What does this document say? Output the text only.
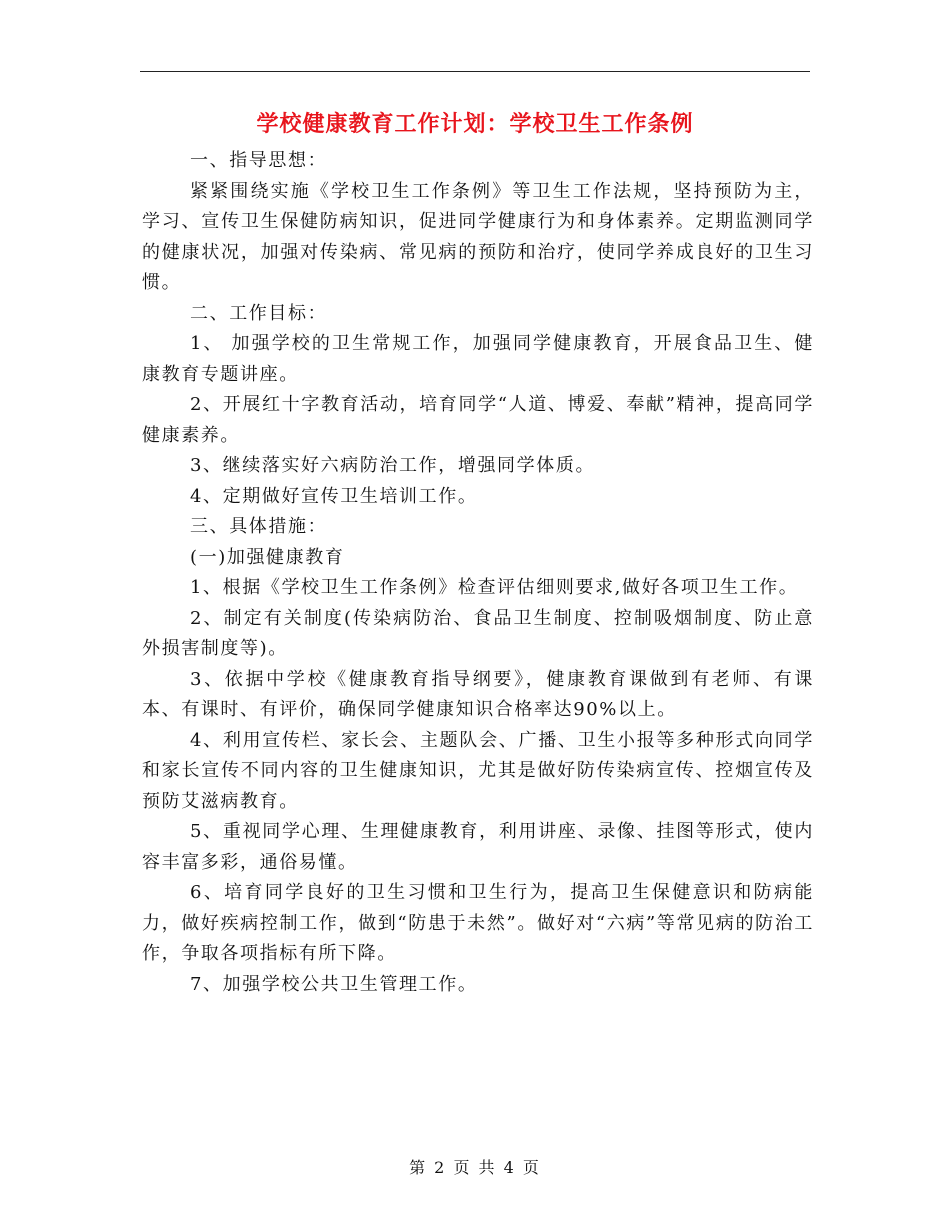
学校健康教育工作计划：学校卫生工作条例

一、指导思想：

紧紧围绕实施《学校卫生工作条例》等卫生工作法规，坚持预防为主，学习、宣传卫生保健防病知识，促进同学健康行为和身体素养。定期监测同学的健康状况，加强对传染病、常见病的预防和治疗，使同学养成良好的卫生习惯。

二、工作目标：

1、 加强学校的卫生常规工作，加强同学健康教育，开展食品卫生、健康教育专题讲座。

2、开展红十字教育活动，培育同学“人道、博爱、奉献”精神，提高同学健康素养。

3、继续落实好六病防治工作，增强同学体质。

4、定期做好宣传卫生培训工作。

三、具体措施：

(一)加强健康教育

1、根据《学校卫生工作条例》检查评估细则要求,做好各项卫生工作。

2、制定有关制度(传染病防治、食品卫生制度、控制吸烟制度、防止意外损害制度等)。

3、依据中学校《健康教育指导纲要》，健康教育课做到有老师、有课本、有课时、有评价，确保同学健康知识合格率达90%以上。

4、利用宣传栏、家长会、主题队会、广播、卫生小报等多种形式向同学和家长宣传不同内容的卫生健康知识，尤其是做好防传染病宣传、控烟宣传及预防艾滋病教育。

5、重视同学心理、生理健康教育，利用讲座、录像、挂图等形式，使内容丰富多彩，通俗易懂。

6、培育同学良好的卫生习惯和卫生行为，提高卫生保健意识和防病能力，做好疾病控制工作，做到“防患于未然”。做好对“六病”等常见病的防治工作，争取各项指标有所下降。

7、加强学校公共卫生管理工作。

第 2 页 共 4 页
